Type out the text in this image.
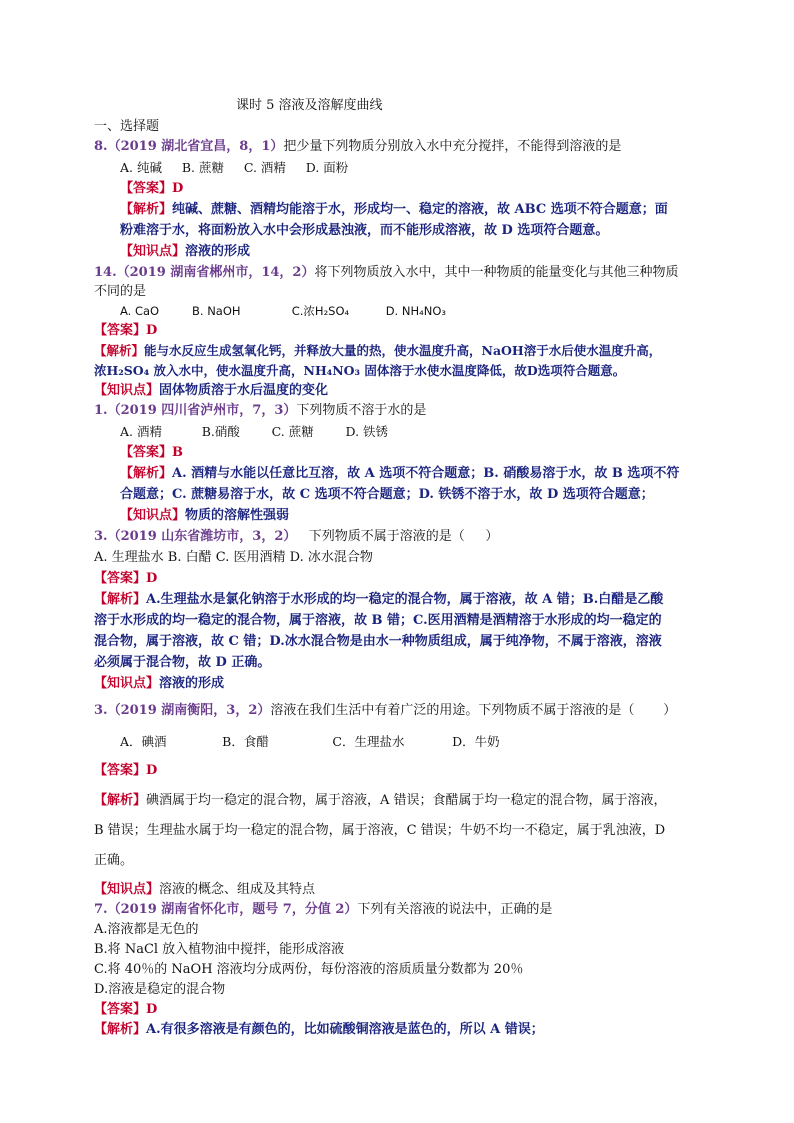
课时 5 溶液及溶解度曲线
一、选择题
8.（2019 湖北省宜昌，8，1）把少量下列物质分别放入水中充分搅拌，不能得到溶液的是
A. 纯碱     B. 蔗糖     C. 酒精     D. 面粉
【答案】D
【解析】纯碱、蔗糖、酒精均能溶于水，形成均一、稳定的溶液，故 ABC 选项不符合题意；面
粉难溶于水，将面粉放入水中会形成悬浊液，而不能形成溶液，故 D 选项符合题意。
【知识点】溶液的形成
14.（2019 湖南省郴州市，14，2）将下列物质放入水中，其中一种物质的能量变化与其他三种物质
不同的是
A. CaO         B. NaOH              C.浓H₂SO₄          D. NH₄NO₃
【答案】D
【解析】能与水反应生成氢氧化钙，并释放大量的热，使水温度升高，NaOH溶于水后使水温度升高，
浓H₂SO₄ 放入水中，使水温度升高，NH₄NO₃ 固体溶于水使水温度降低，故D选项符合题意。
【知识点】固体物质溶于水后温度的变化
1.（2019 四川省泸州市，7，3）下列物质不溶于水的是
A. 酒精          B.硝酸        C. 蔗糖        D. 铁锈
【答案】B
【解析】A. 酒精与水能以任意比互溶，故 A 选项不符合题意；B. 硝酸易溶于水，故 B 选项不符
合题意；C. 蔗糖易溶于水，故 C 选项不符合题意；D. 铁锈不溶于水，故 D 选项符合题意；
【知识点】物质的溶解性强弱
3.（2019 山东省潍坊市，3，2）   下列物质不属于溶液的是（     ）
A. 生理盐水 B. 白醋 C. 医用酒精 D. 冰水混合物
【答案】D
【解析】A.生理盐水是氯化钠溶于水形成的均一稳定的混合物，属于溶液，故 A 错；B.白醋是乙酸
溶于水形成的均一稳定的混合物，属于溶液，故 B 错；C.医用酒精是酒精溶于水形成的均一稳定的
混合物，属于溶液，故 C 错；D.冰水混合物是由水一种物质组成，属于纯净物，不属于溶液，溶液
必须属于混合物，故 D 正确。
【知识点】溶液的形成
3.（2019 湖南衡阳，3，2）溶液在我们生活中有着广泛的用途。下列物质不属于溶液的是（       ）
A．碘酒              B．食醋                C．生理盐水            D．牛奶
【答案】D
【解析】碘酒属于均一稳定的混合物，属于溶液，A 错误；食醋属于均一稳定的混合物，属于溶液，
B 错误；生理盐水属于均一稳定的混合物，属于溶液，C 错误；牛奶不均一不稳定，属于乳浊液，D
正确。
【知识点】溶液的概念、组成及其特点
7.（2019 湖南省怀化市，题号 7，分值 2）下列有关溶液的说法中，正确的是
A.溶液都是无色的
B.将 NaCl 放入植物油中搅拌，能形成溶液
C.将 40％的 NaOH 溶液均分成两份，每份溶液的溶质质量分数都为 20％
D.溶液是稳定的混合物
【答案】D
【解析】A.有很多溶液是有颜色的，比如硫酸铜溶液是蓝色的，所以 A 错误；
